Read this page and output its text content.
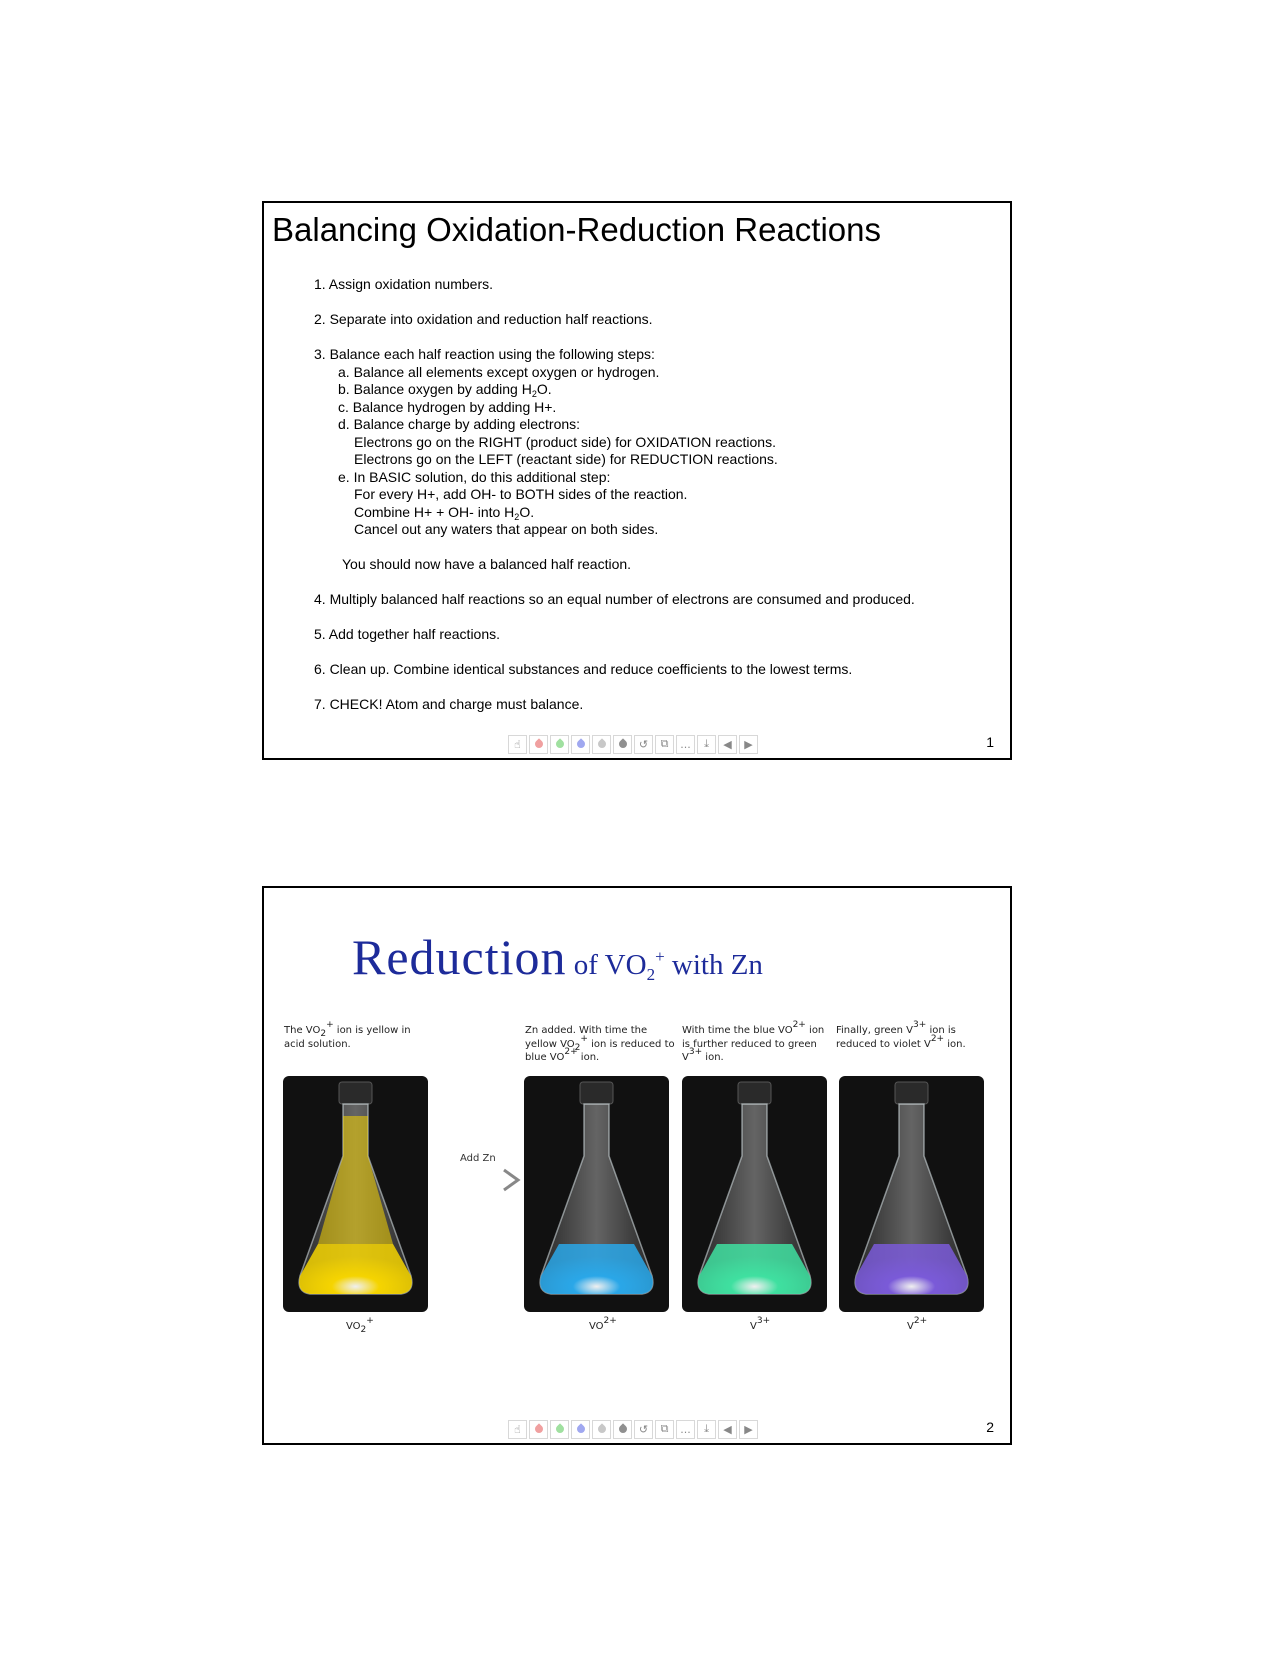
Balancing Oxidation-Reduction Reactions

1. Assign oxidation numbers.

2. Separate into oxidation and reduction half reactions.

3. Balance each half reaction using the following steps:

a. Balance all elements except oxygen or hydrogen.

b. Balance oxygen by adding $H_2O$.

c. Balance hydrogen by adding H+.

d. Balance charge by adding electrons:

Electrons go on the RIGHT (product side) for OXIDATION reactions.

Electrons go on the LEFT (reactant side) for REDUCTION reactions.

e. In BASIC solution, do this additional step:

For every H+, add OH- to BOTH sides of the reaction.

Combine H+ + OH- into $H_2O$.

Cancel out any waters that appear on both sides.

You should now have a balanced half reaction.

4. Multiply balanced half reactions so an equal number of electrons are consumed and produced.

5. Add together half reactions.

6. Clean up. Combine identical substances and reduce coefficients to the lowest terms.

7. CHECK! Atom and charge must balance.

☝	↺	⧉	...	⤓	◀	▶	1
Reduction of $VO_2^+$ with Zn
The $VO_2^+$ ion is yellow in acid solution.
Zn added. With time the yellow $VO_2^+$ ion is reduced to blue $VO^{2+}$ ion.
With time the blue $VO^{2+}$ ion is further reduced to green $V^{3+}$ ion.
Finally, green $V^{3+}$ ion is reduced to violet $V^{2+}$ ion.
Add Zn
$VO_2^+$	$VO^{2+}$	$V^{3+}$	$V^{2+}$
☝	↺	⧉	...	⤓	◀	▶	2
